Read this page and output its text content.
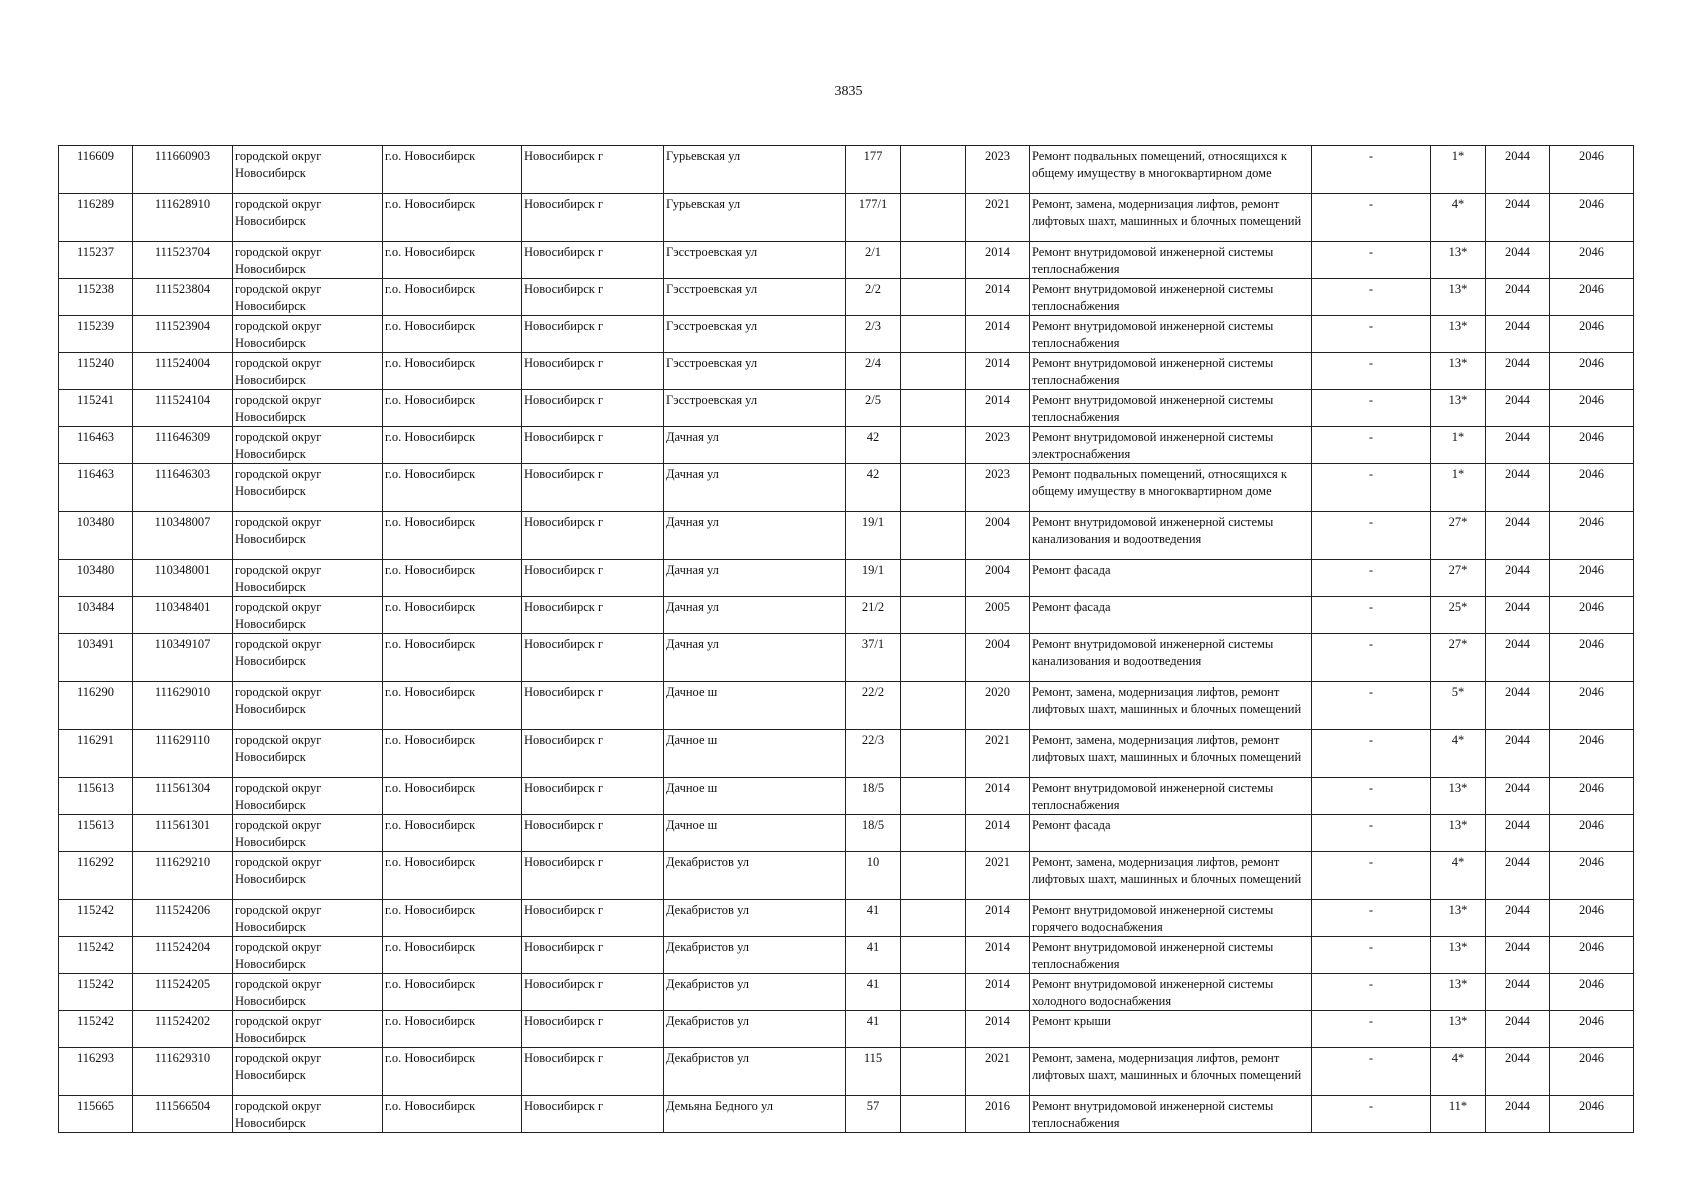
3835
116609	111660903	городской округ Новосибирск	г.о. Новосибирск	Новосибирск г	Гурьевская ул	177		2023	Ремонт подвальных помещений, относящихся к общему имуществу в многоквартирном доме	-	1*	2044	2046
116289	111628910	городской округ Новосибирск	г.о. Новосибирск	Новосибирск г	Гурьевская ул	177/1		2021	Ремонт, замена, модернизация лифтов, ремонт лифтовых шахт, машинных и блочных помещений	-	4*	2044	2046
115237	111523704	городской округ Новосибирск	г.о. Новосибирск	Новосибирск г	Гэсстроевская ул	2/1		2014	Ремонт внутридомовой инженерной системы теплоснабжения	-	13*	2044	2046
115238	111523804	городской округ Новосибирск	г.о. Новосибирск	Новосибирск г	Гэсстроевская ул	2/2		2014	Ремонт внутридомовой инженерной системы теплоснабжения	-	13*	2044	2046
115239	111523904	городской округ Новосибирск	г.о. Новосибирск	Новосибирск г	Гэсстроевская ул	2/3		2014	Ремонт внутридомовой инженерной системы теплоснабжения	-	13*	2044	2046
115240	111524004	городской округ Новосибирск	г.о. Новосибирск	Новосибирск г	Гэсстроевская ул	2/4		2014	Ремонт внутридомовой инженерной системы теплоснабжения	-	13*	2044	2046
115241	111524104	городской округ Новосибирск	г.о. Новосибирск	Новосибирск г	Гэсстроевская ул	2/5		2014	Ремонт внутридомовой инженерной системы теплоснабжения	-	13*	2044	2046
116463	111646309	городской округ Новосибирск	г.о. Новосибирск	Новосибирск г	Дачная ул	42		2023	Ремонт внутридомовой инженерной системы электроснабжения	-	1*	2044	2046
116463	111646303	городской округ Новосибирск	г.о. Новосибирск	Новосибирск г	Дачная ул	42		2023	Ремонт подвальных помещений, относящихся к общему имуществу в многоквартирном доме	-	1*	2044	2046
103480	110348007	городской округ Новосибирск	г.о. Новосибирск	Новосибирск г	Дачная ул	19/1		2004	Ремонт внутридомовой инженерной системы канализования и водоотведения	-	27*	2044	2046
103480	110348001	городской округ Новосибирск	г.о. Новосибирск	Новосибирск г	Дачная ул	19/1		2004	Ремонт фасада	-	27*	2044	2046
103484	110348401	городской округ Новосибирск	г.о. Новосибирск	Новосибирск г	Дачная ул	21/2		2005	Ремонт фасада	-	25*	2044	2046
103491	110349107	городской округ Новосибирск	г.о. Новосибирск	Новосибирск г	Дачная ул	37/1		2004	Ремонт внутридомовой инженерной системы канализования и водоотведения	-	27*	2044	2046
116290	111629010	городской округ Новосибирск	г.о. Новосибирск	Новосибирск г	Дачное ш	22/2		2020	Ремонт, замена, модернизация лифтов, ремонт лифтовых шахт, машинных и блочных помещений	-	5*	2044	2046
116291	111629110	городской округ Новосибирск	г.о. Новосибирск	Новосибирск г	Дачное ш	22/3		2021	Ремонт, замена, модернизация лифтов, ремонт лифтовых шахт, машинных и блочных помещений	-	4*	2044	2046
115613	111561304	городской округ Новосибирск	г.о. Новосибирск	Новосибирск г	Дачное ш	18/5		2014	Ремонт внутридомовой инженерной системы теплоснабжения	-	13*	2044	2046
115613	111561301	городской округ Новосибирск	г.о. Новосибирск	Новосибирск г	Дачное ш	18/5		2014	Ремонт фасада	-	13*	2044	2046
116292	111629210	городской округ Новосибирск	г.о. Новосибирск	Новосибирск г	Декабристов ул	10		2021	Ремонт, замена, модернизация лифтов, ремонт лифтовых шахт, машинных и блочных помещений	-	4*	2044	2046
115242	111524206	городской округ Новосибирск	г.о. Новосибирск	Новосибирск г	Декабристов ул	41		2014	Ремонт внутридомовой инженерной системы горячего водоснабжения	-	13*	2044	2046
115242	111524204	городской округ Новосибирск	г.о. Новосибирск	Новосибирск г	Декабристов ул	41		2014	Ремонт внутридомовой инженерной системы теплоснабжения	-	13*	2044	2046
115242	111524205	городской округ Новосибирск	г.о. Новосибирск	Новосибирск г	Декабристов ул	41		2014	Ремонт внутридомовой инженерной системы холодного водоснабжения	-	13*	2044	2046
115242	111524202	городской округ Новосибирск	г.о. Новосибирск	Новосибирск г	Декабристов ул	41		2014	Ремонт крыши	-	13*	2044	2046
116293	111629310	городской округ Новосибирск	г.о. Новосибирск	Новосибирск г	Декабристов ул	115		2021	Ремонт, замена, модернизация лифтов, ремонт лифтовых шахт, машинных и блочных помещений	-	4*	2044	2046
115665	111566504	городской округ Новосибирск	г.о. Новосибирск	Новосибирск г	Демьяна Бедного ул	57		2016	Ремонт внутридомовой инженерной системы теплоснабжения	-	11*	2044	2046
